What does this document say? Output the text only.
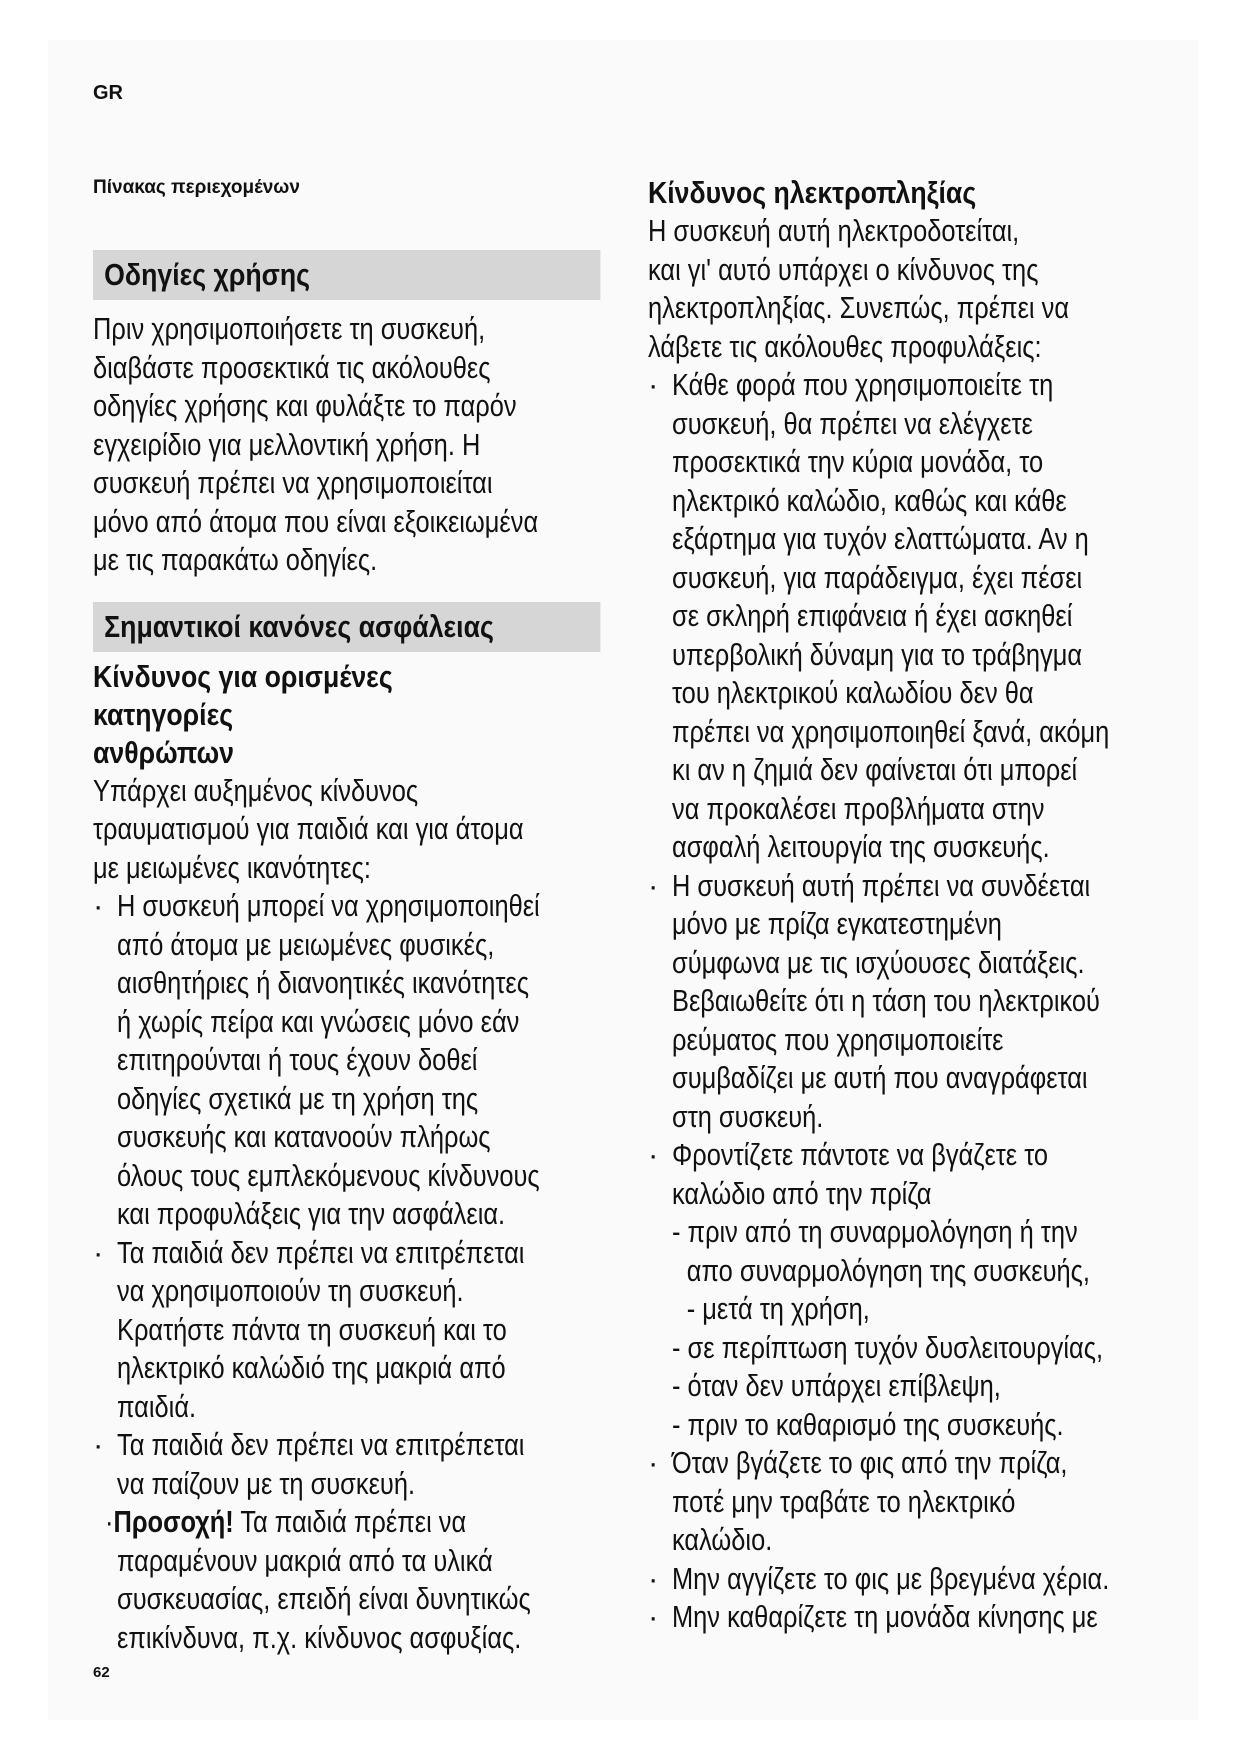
GR
Πίνακας περιεχομένων
Οδηγίες χρήσης
Πριν χρησιμοποιήσετε τη συσκευή,
διαβάστε προσεκτικά τις ακόλουθες
οδηγίες χρήσης και φυλάξτε το παρόν
εγχειρίδιο για μελλοντική χρήση. Η
συσκευή πρέπει να χρησιμοποιείται
μόνο από άτομα που είναι εξοικειωμένα
με τις παρακάτω οδηγίες.
Σημαντικοί κανόνες ασφάλειας
Κίνδυνος για ορισμένες κατηγορίες
ανθρώπων
Υπάρχει αυξημένος κίνδυνος
τραυματισμού για παιδιά και για άτομα
με μειωμένες ικανότητες:
· Η συσκευή μπορεί να χρησιμοποιηθεί
από άτομα με μειωμένες φυσικές,
αισθητήριες ή διανοητικές ικανότητες
ή χωρίς πείρα και γνώσεις μόνο εάν
επιτηρούνται ή τους έχουν δοθεί
οδηγίες σχετικά με τη χρήση της
συσκευής και κατανοούν πλήρως
όλους τους εμπλεκόμενους κίνδυνους
και προφυλάξεις για την ασφάλεια.
· Τα παιδιά δεν πρέπει να επιτρέπεται
να χρησιμοποιούν τη συσκευή.
Κρατήστε πάντα τη συσκευή και το
ηλεκτρικό καλώδιό της μακριά από
παιδιά.
· Τα παιδιά δεν πρέπει να επιτρέπεται
να παίζουν με τη συσκευή.
·Προσοχή! Τα παιδιά πρέπει να
παραμένουν μακριά από τα υλικά
συσκευασίας, επειδή είναι δυνητικώς
επικίνδυνα, π.χ. κίνδυνος ασφυξίας.
Κίνδυνος ηλεκτροπληξίας
Η συσκευή αυτή ηλεκτροδοτείται,
και γι' αυτό υπάρχει ο κίνδυνος της
ηλεκτροπληξίας. Συνεπώς, πρέπει να
λάβετε τις ακόλουθες προφυλάξεις:
· Κάθε φορά που χρησιμοποιείτε τη
συσκευή, θα πρέπει να ελέγχετε
προσεκτικά την κύρια μονάδα, το
ηλεκτρικό καλώδιο, καθώς και κάθε
εξάρτημα για τυχόν ελαττώματα. Αν η
συσκευή, για παράδειγμα, έχει πέσει
σε σκληρή επιφάνεια ή έχει ασκηθεί
υπερβολική δύναμη για το τράβηγμα
του ηλεκτρικού καλωδίου δεν θα
πρέπει να χρησιμοποιηθεί ξανά, ακόμη
κι αν η ζημιά δεν φαίνεται ότι μπορεί
να προκαλέσει προβλήματα στην
ασφαλή λειτουργία της συσκευής.
· Η συσκευή αυτή πρέπει να συνδέεται
μόνο με πρίζα εγκατεστημένη
σύμφωνα με τις ισχύουσες διατάξεις.
Βεβαιωθείτε ότι η τάση του ηλεκτρικού
ρεύματος που χρησιμοποιείτε
συμβαδίζει με αυτή που αναγράφεται
στη συσκευή.
· Φροντίζετε πάντοτε να βγάζετε το
καλώδιο από την πρίζα
- πριν από τη συναρμολόγηση ή την
απο συναρμολόγηση της συσκευής,
- μετά τη χρήση,
- σε περίπτωση τυχόν δυσλειτουργίας,
- όταν δεν υπάρχει επίβλεψη,
- πριν το καθαρισμό της συσκευής.
· Όταν βγάζετε το φις από την πρίζα,
ποτέ μην τραβάτε το ηλεκτρικό
καλώδιο.
· Μην αγγίζετε το φις με βρεγμένα χέρια.
· Μην καθαρίζετε τη μονάδα κίνησης με
62
